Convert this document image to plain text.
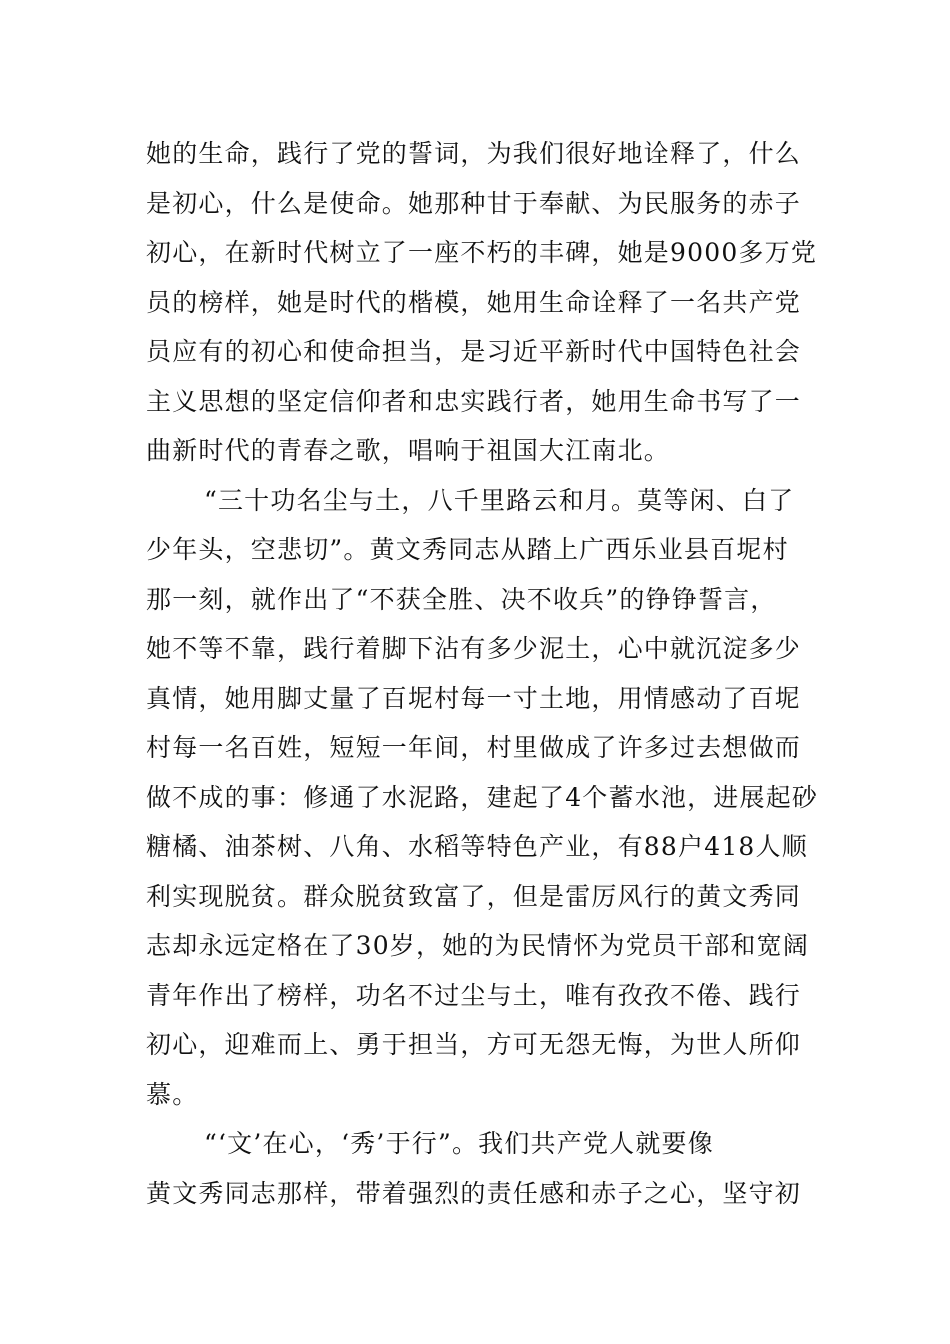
她的生命，践行了党的誓词，为我们很好地诠释了，什么
是初心，什么是使命。她那种甘于奉献、为民服务的赤子
初心，在新时代树立了一座不朽的丰碑，她是9000多万党
员的榜样，她是时代的楷模，她用生命诠释了一名共产党
员应有的初心和使命担当，是习近平新时代中国特色社会
主义思想的坚定信仰者和忠实践行者，她用生命书写了一
曲新时代的青春之歌，唱响于祖国大江南北。
“三十功名尘与土，八千里路云和月。莫等闲、白了
少年头，空悲切”。黄文秀同志从踏上广西乐业县百坭村
那一刻，就作出了“不获全胜、决不收兵”的铮铮誓言，
她不等不靠，践行着脚下沾有多少泥土，心中就沉淀多少
真情，她用脚丈量了百坭村每一寸土地，用情感动了百坭
村每一名百姓，短短一年间，村里做成了许多过去想做而
做不成的事：修通了水泥路，建起了4个蓄水池，进展起砂
糖橘、油茶树、八角、水稻等特色产业，有88户418人顺
利实现脱贫。群众脱贫致富了，但是雷厉风行的黄文秀同
志却永远定格在了30岁，她的为民情怀为党员干部和宽阔
青年作出了榜样，功名不过尘与土，唯有孜孜不倦、践行
初心，迎难而上、勇于担当，方可无怨无悔，为世人所仰
慕。
“‘文’在心，‘秀’于行”。我们共产党人就要像
黄文秀同志那样，带着强烈的责任感和赤子之心，坚守初
